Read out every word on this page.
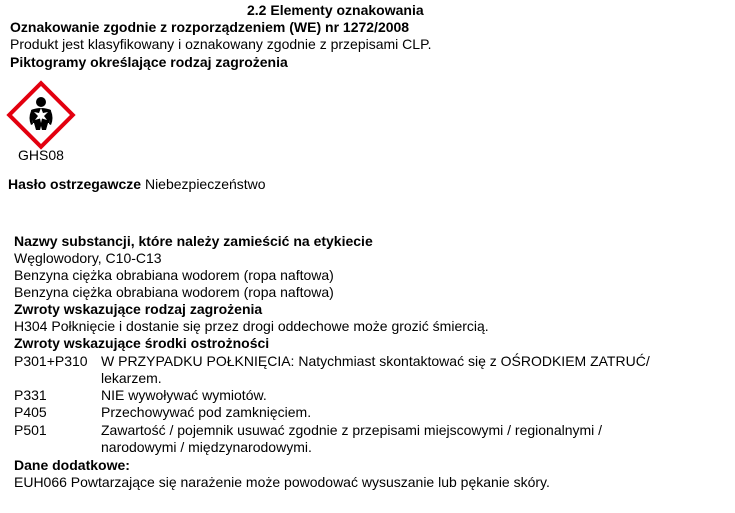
2.2 Elementy oznakowania
Oznakowanie zgodnie z rozporządzeniem (WE) nr 1272/2008
Produkt jest klasyfikowany i oznakowany zgodnie z przepisami CLP.
Piktogramy określające rodzaj zagrożenia
GHS08
Hasło ostrzegawcze Niebezpieczeństwo
Nazwy substancji, które należy zamieścić na etykiecie
Węglowodory, C10-C13
Benzyna ciężka obrabiana wodorem (ropa naftowa)
Benzyna ciężka obrabiana wodorem (ropa naftowa)
Zwroty wskazujące rodzaj zagrożenia
H304 Połknięcie i dostanie się przez drogi oddechowe może grozić śmiercią.
Zwroty wskazujące środki ostrożności
P301+P310 W PRZYPADKU POŁKNIĘCIA: Natychmiast skontaktować się z OŚRODKIEM ZATRUĆ/
lekarzem.
P331	NIE wywoływać wymiotów.
P405	Przechowywać pod zamknięciem.
P501	Zawartość / pojemnik usuwać zgodnie z przepisami miejscowymi / regionalnymi /
narodowymi / międzynarodowymi.
Dane dodatkowe:
EUH066 Powtarzające się narażenie może powodować wysuszanie lub pękanie skóry.
